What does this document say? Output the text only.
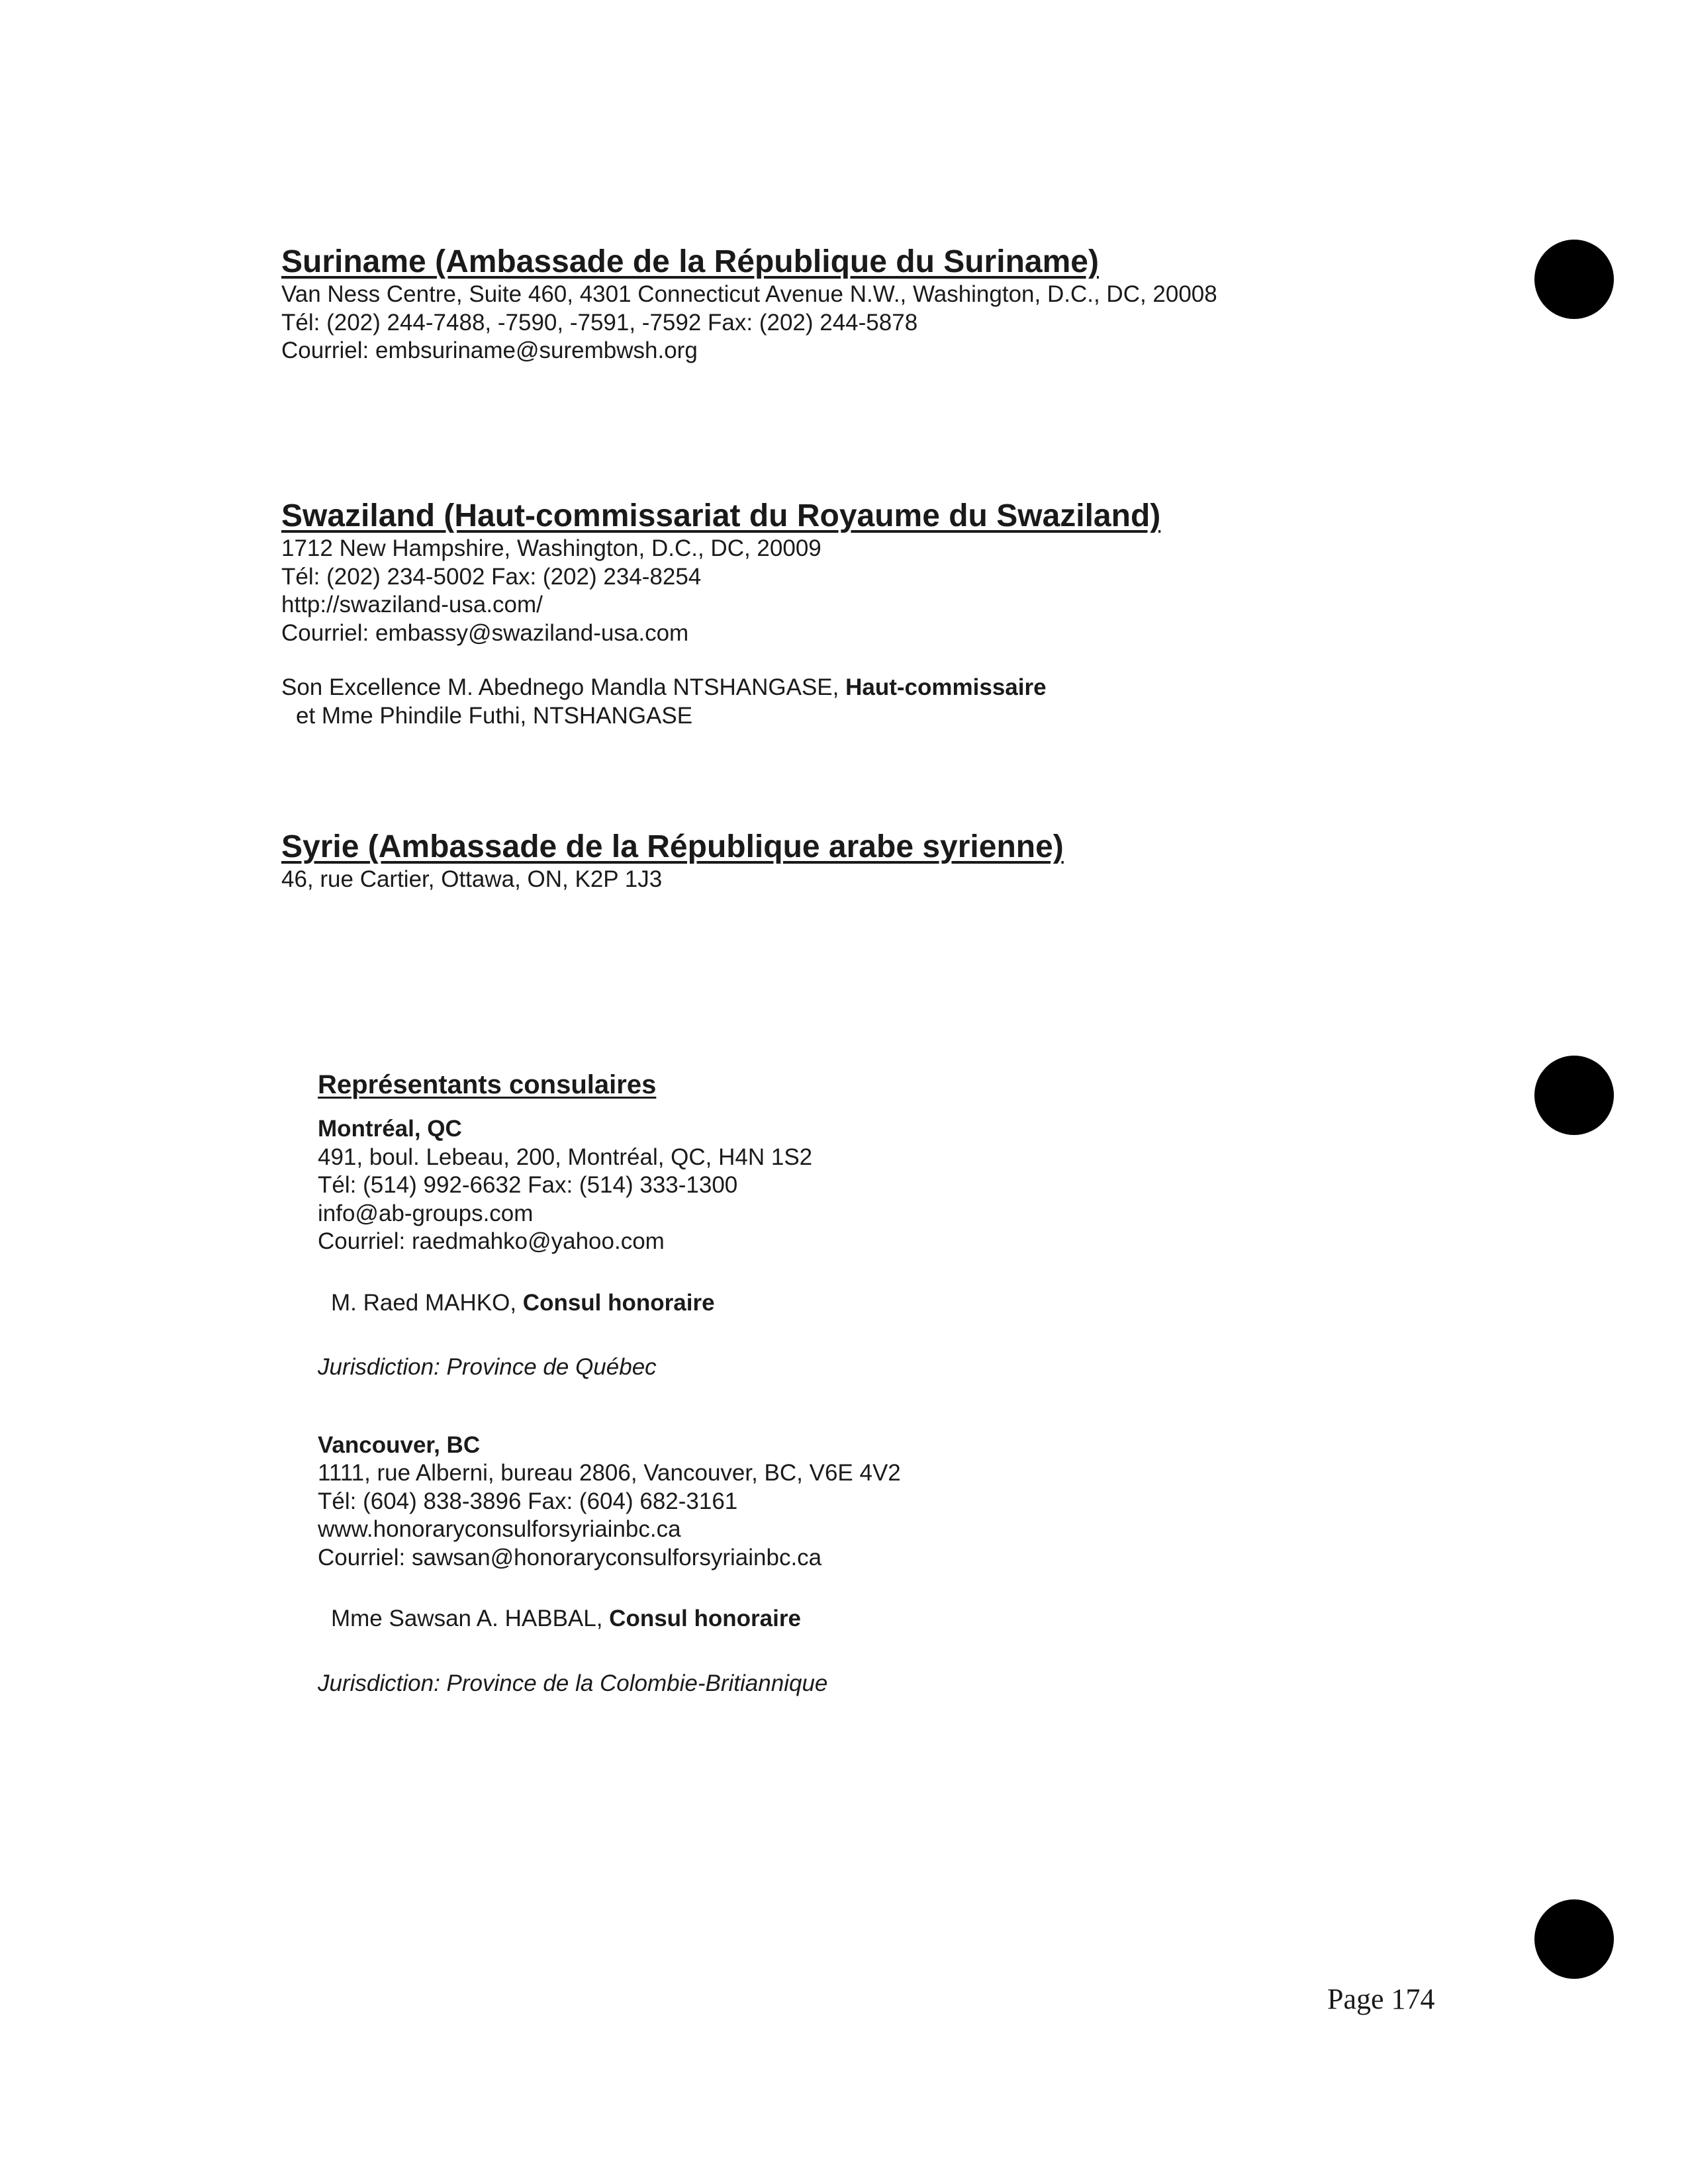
Suriname (Ambassade de la République du Suriname)
Van Ness Centre, Suite 460, 4301 Connecticut Avenue N.W., Washington, D.C., DC, 20008
Tél: (202) 244-7488, -7590, -7591, -7592 Fax: (202) 244-5878
Courriel: embsuriname@surembwsh.org
Swaziland (Haut-commissariat du Royaume du Swaziland)
1712 New Hampshire, Washington, D.C., DC, 20009
Tél: (202) 234-5002 Fax: (202) 234-8254
http://swaziland-usa.com/
Courriel: embassy@swaziland-usa.com
Son Excellence M. Abednego Mandla NTSHANGASE, Haut-commissaire
et Mme Phindile Futhi, NTSHANGASE
Syrie (Ambassade de la République arabe syrienne)
46, rue Cartier, Ottawa, ON, K2P 1J3
Représentants consulaires
Montréal, QC
491, boul. Lebeau, 200, Montréal, QC, H4N 1S2
Tél: (514) 992-6632 Fax: (514) 333-1300
info@ab-groups.com
Courriel: raedmahko@yahoo.com
M. Raed MAHKO, Consul honoraire
Jurisdiction: Province de Québec
Vancouver, BC
1111, rue Alberni, bureau 2806, Vancouver, BC, V6E 4V2
Tél: (604) 838-3896 Fax: (604) 682-3161
www.honoraryconsulforsyriainbc.ca
Courriel: sawsan@honoraryconsulforsyriainbc.ca
Mme Sawsan A. HABBAL, Consul honoraire
Jurisdiction: Province de la Colombie-Britiannique
Page 174
